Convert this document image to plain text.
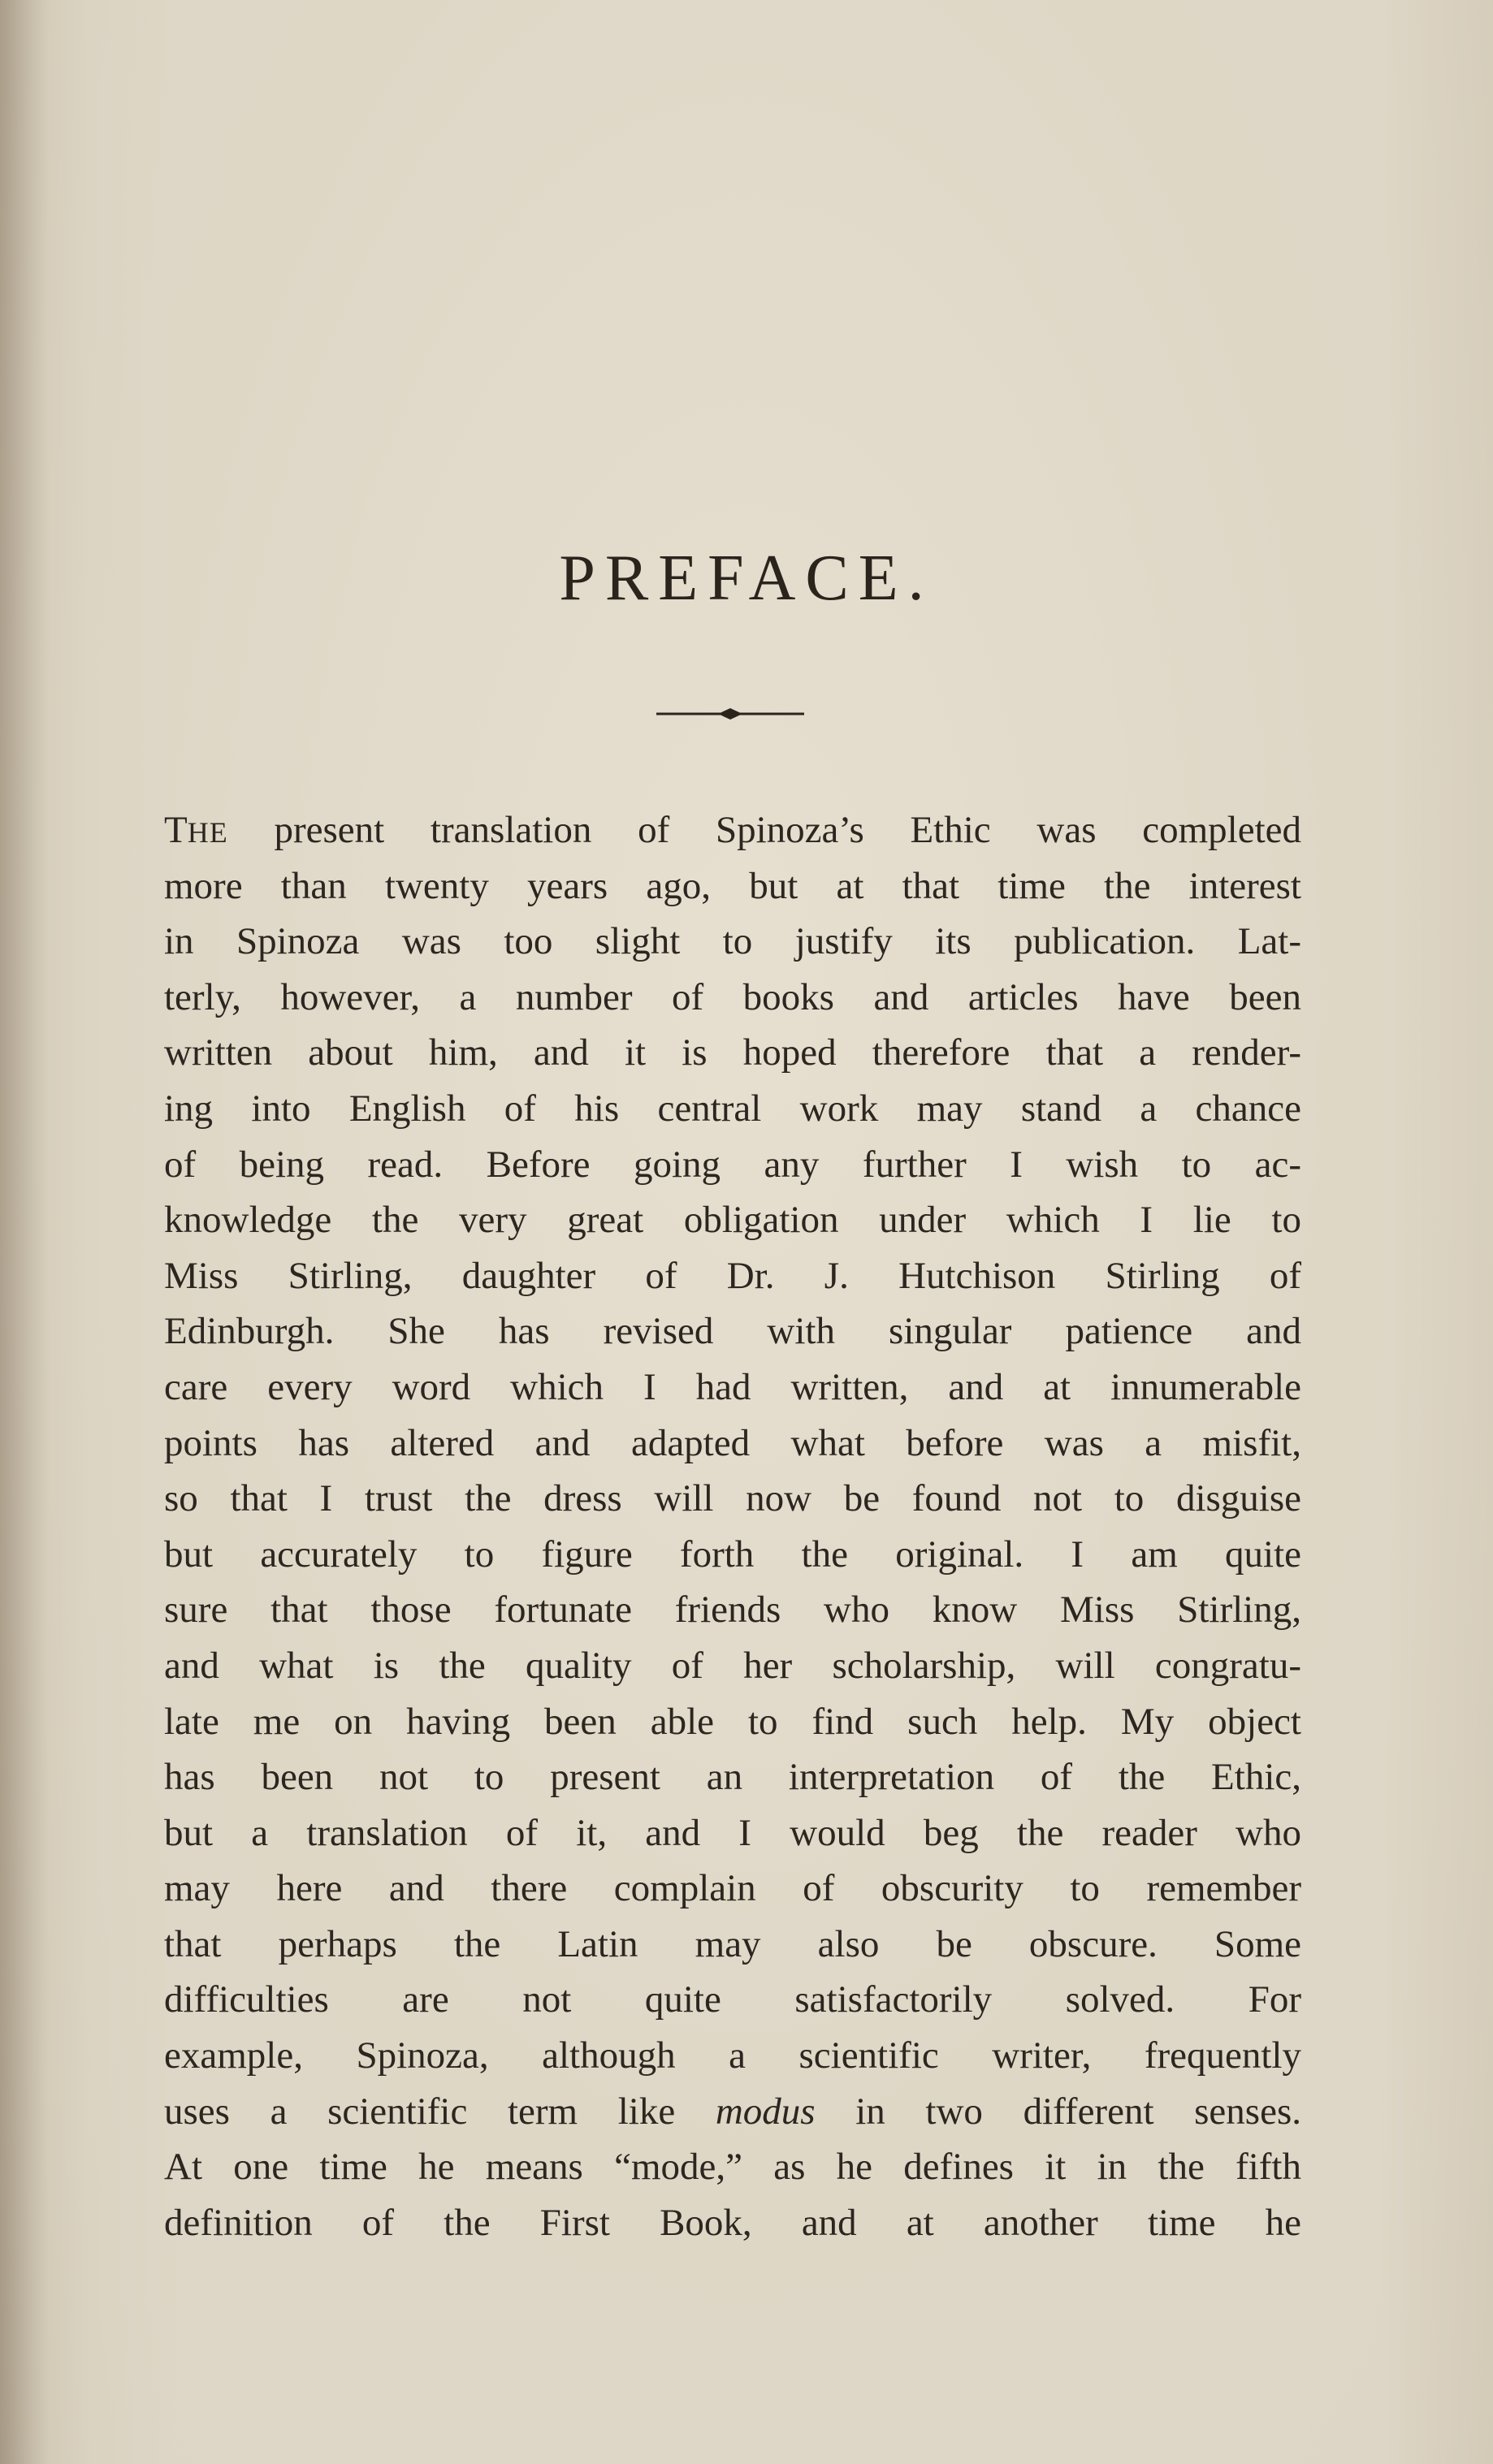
PREFACE.
THE present translation of Spinoza’s Ethic was completed
more than twenty years ago, but at that time the interest
in Spinoza was too slight to justify its publication. Lat-
terly, however, a number of books and articles have been
written about him, and it is hoped therefore that a render-
ing into English of his central work may stand a chance
of being read. Before going any further I wish to ac-
knowledge the very great obligation under which I lie to
Miss Stirling, daughter of Dr. J. Hutchison Stirling of
Edinburgh. She has revised with singular patience and
care every word which I had written, and at innumerable
points has altered and adapted what before was a misfit,
so that I trust the dress will now be found not to disguise
but accurately to figure forth the original. I am quite
sure that those fortunate friends who know Miss Stirling,
and what is the quality of her scholarship, will congratu-
late me on having been able to find such help. My object
has been not to present an interpretation of the Ethic,
but a translation of it, and I would beg the reader who
may here and there complain of obscurity to remember
that perhaps the Latin may also be obscure. Some
difficulties are not quite satisfactorily solved. For
example, Spinoza, although a scientific writer, frequently
uses a scientific term like modus in two different senses.
At one time he means “mode,” as he defines it in the fifth
definition of the First Book, and at another time he
